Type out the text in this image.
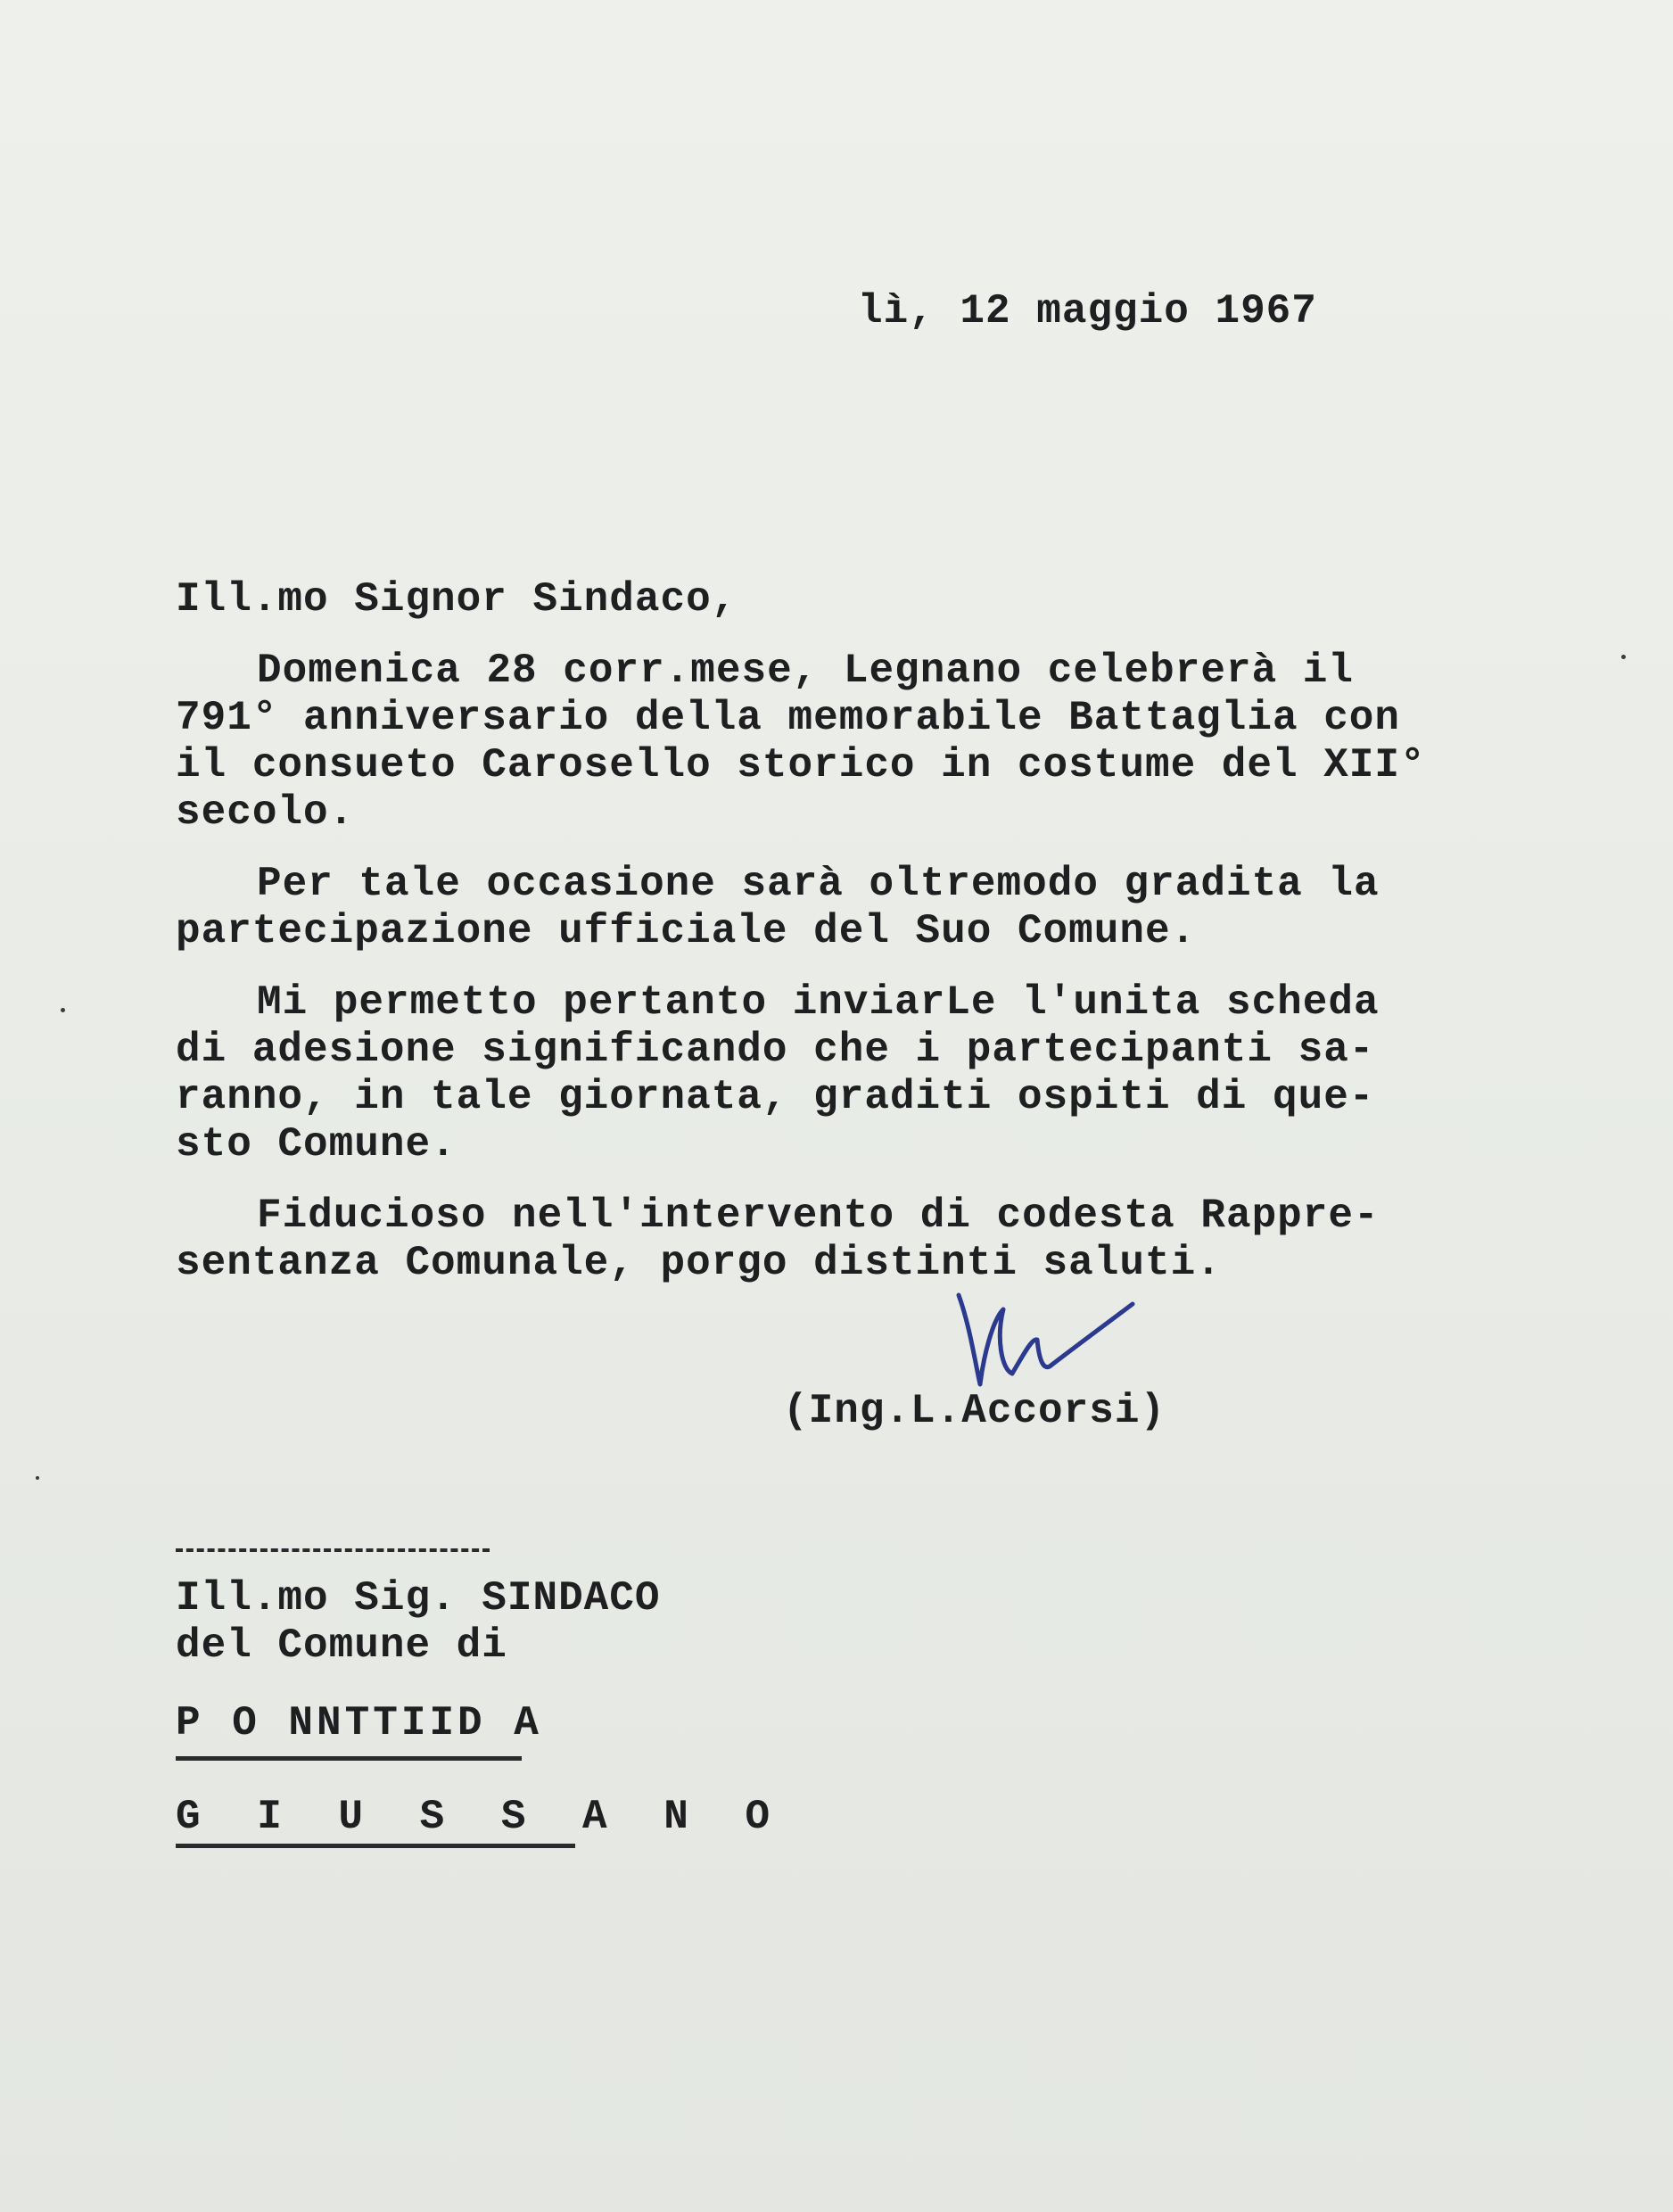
lì, 12 maggio 1967
Ill.mo Signor Sindaco,
Domenica 28 corr.mese, Legnano celebrerà il
791° anniversario della memorabile Battaglia con
il consueto Carosello storico in costume del XII°
secolo.
Per tale occasione sarà oltremodo gradita la
partecipazione ufficiale del Suo Comune.
Mi permetto pertanto inviarLe l'unita scheda
di adesione significando che i partecipanti sa-
ranno, in tale giornata, graditi ospiti di que-
sto Comune.
Fiducioso nell'intervento di codesta Rappre-
sentanza Comunale, porgo distinti saluti.
(Ing.L.Accorsi)
Ill.mo Sig. SINDACO
del Comune di
P O NNTTIID A
G I U S S A N O
